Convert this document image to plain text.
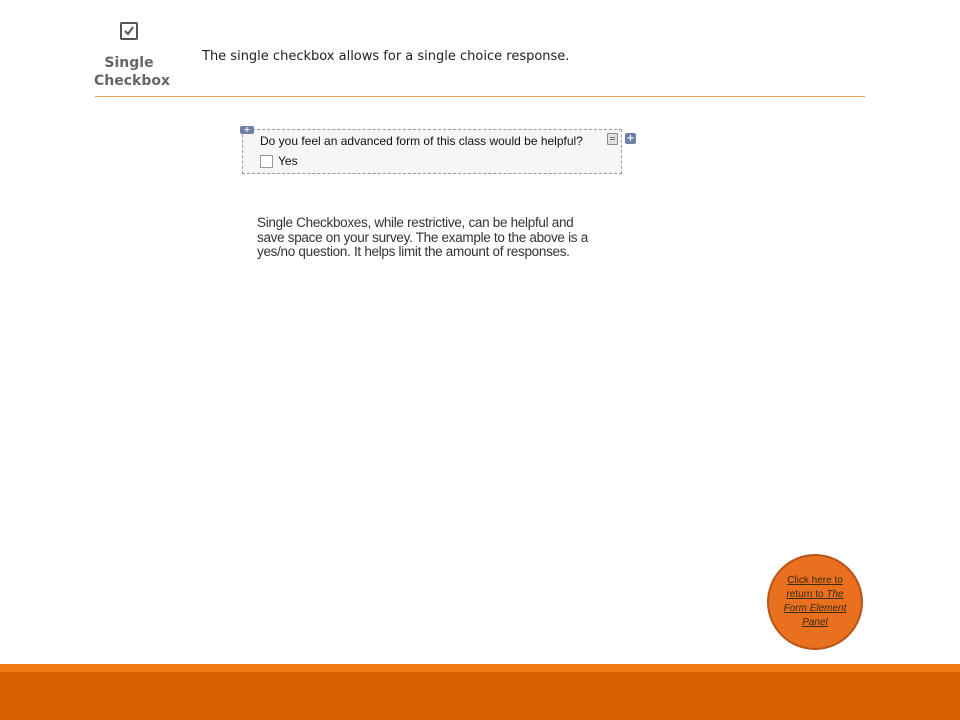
Single Checkbox
The single checkbox allows for a single choice response.
+
Do you feel an advanced form of this class would be helpful?
Yes
+
Single Checkboxes, while restrictive, can be helpful and save space on your survey. The example to the above is a yes/no question. It helps limit the amount of responses.
Click here to return to The Form Element Panel
